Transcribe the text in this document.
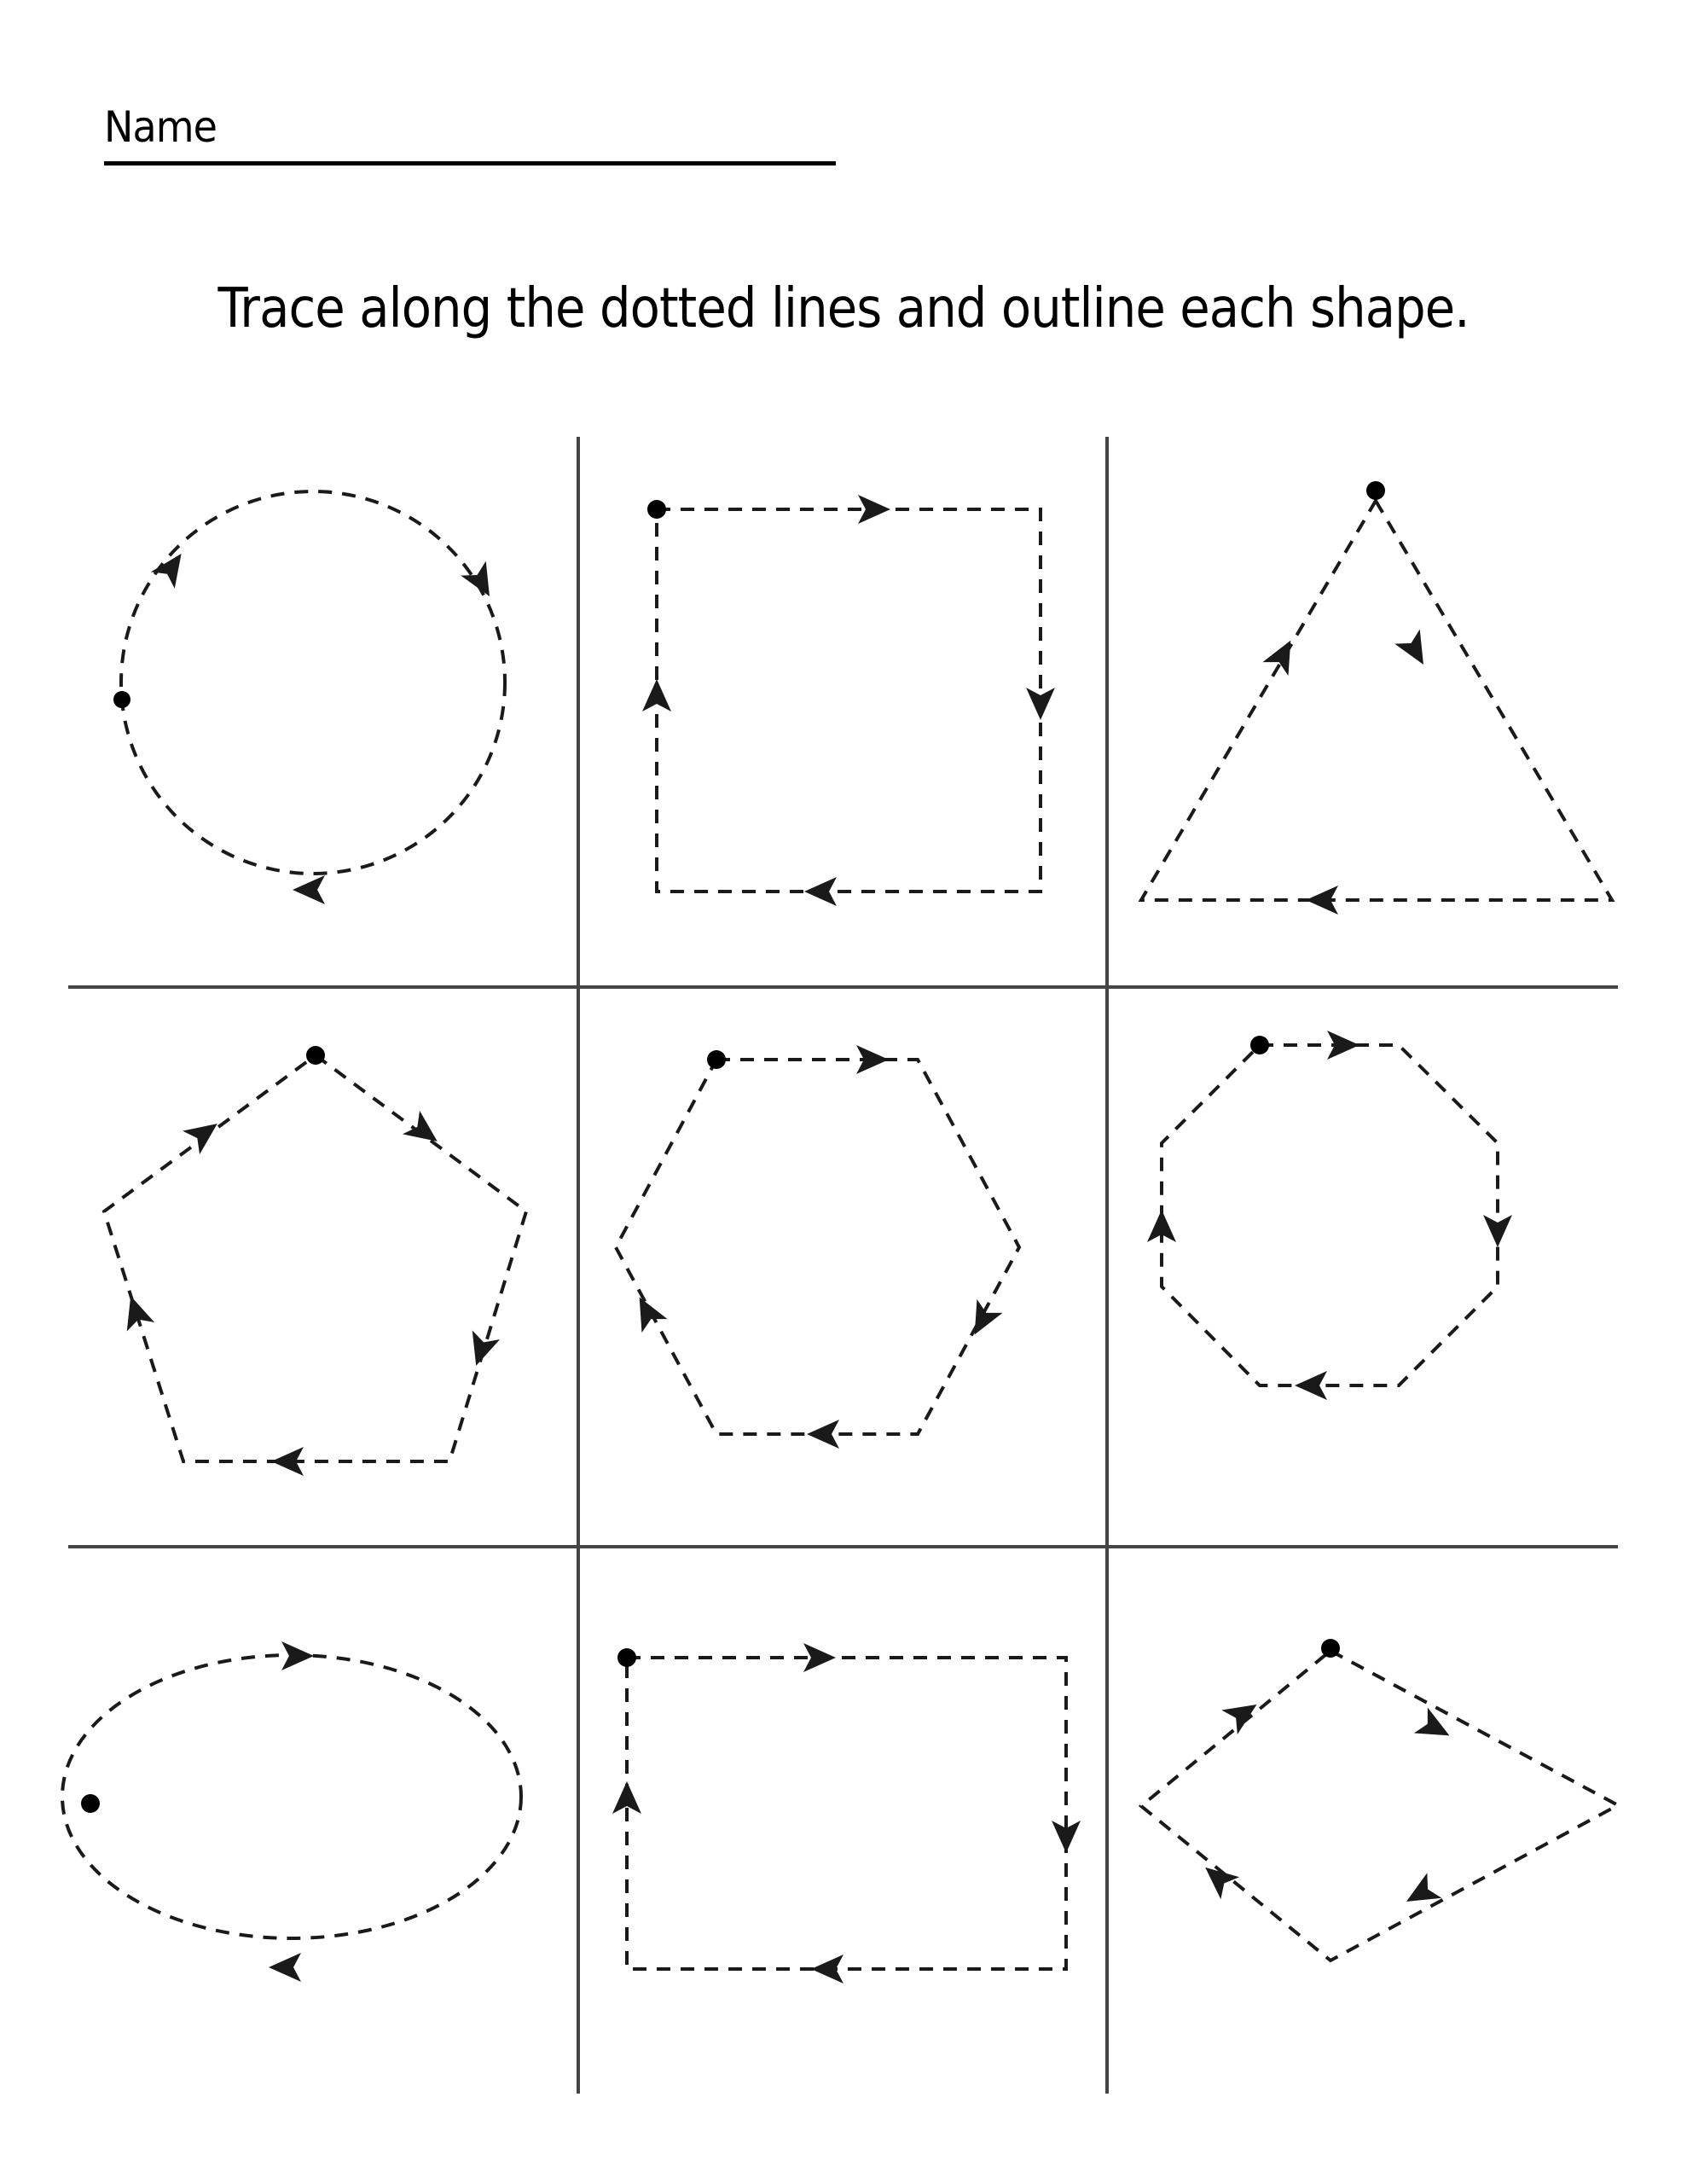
Name
Trace along the dotted lines and outline each shape.
